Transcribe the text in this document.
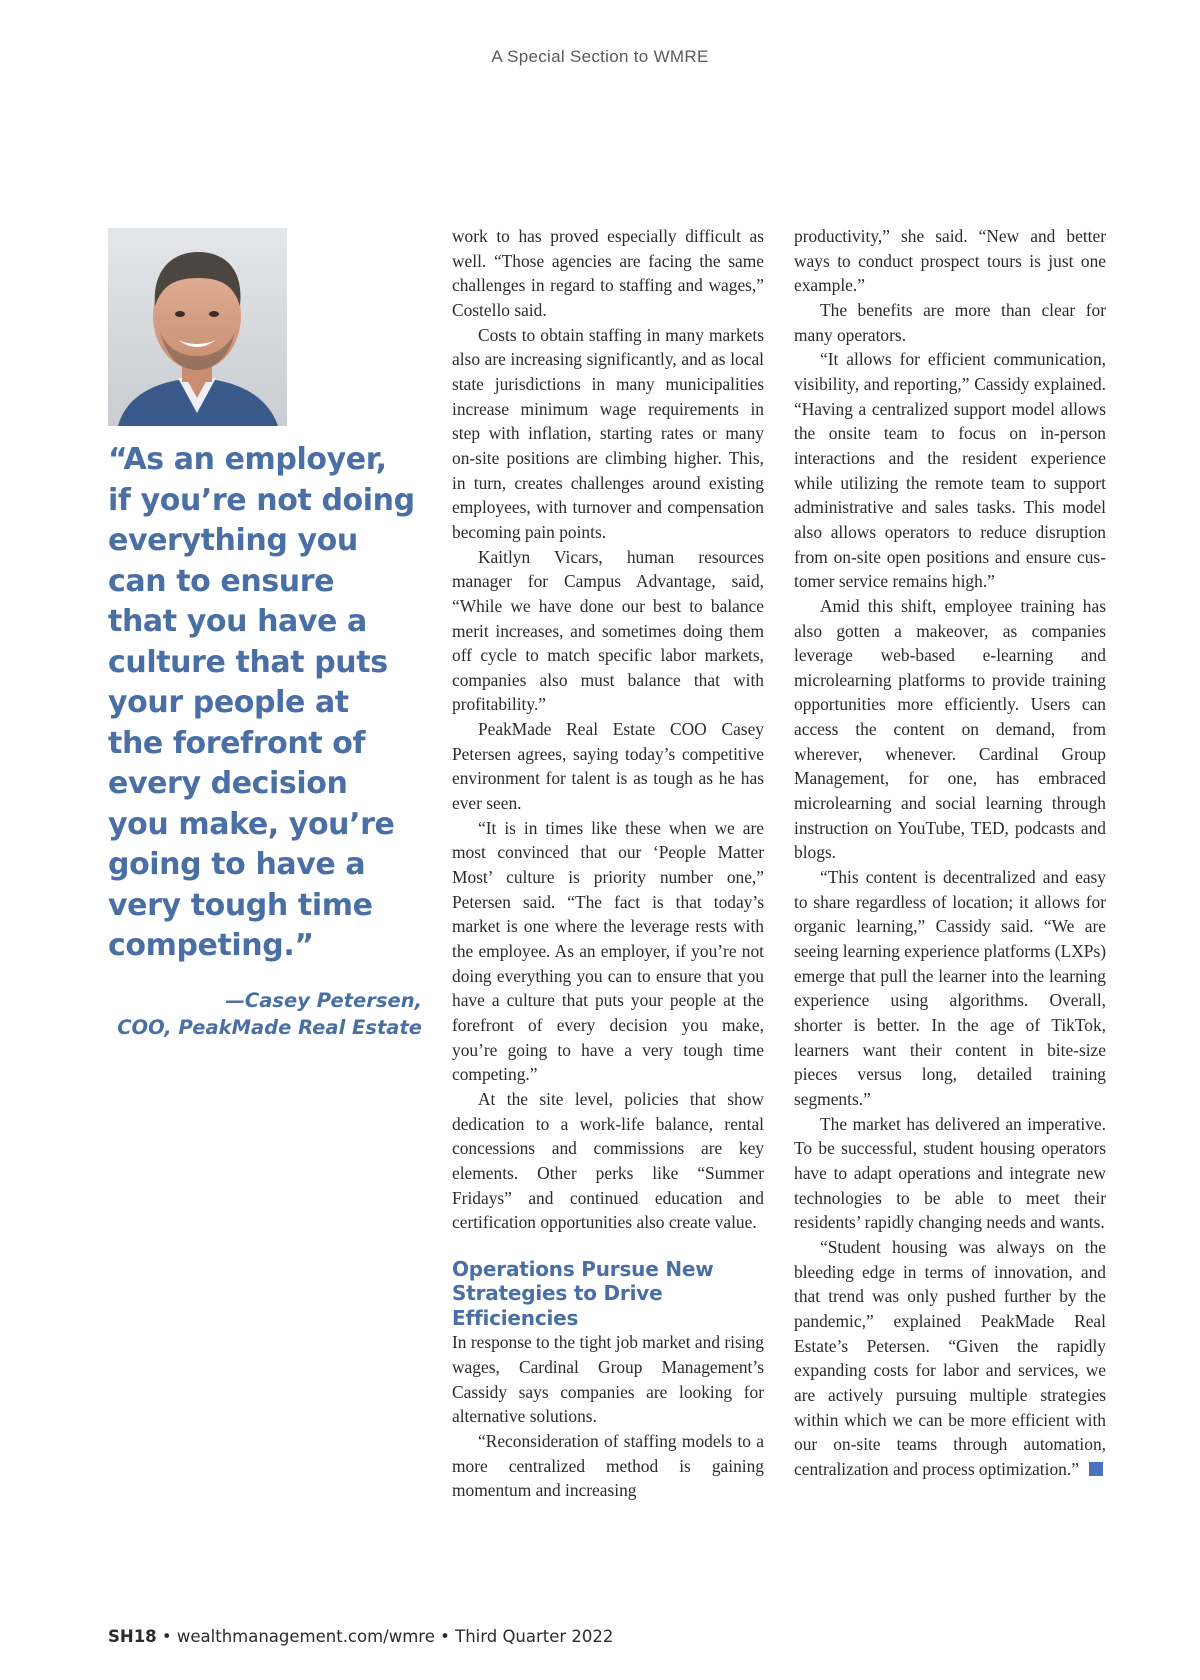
A Special Section to WMRE

“As an employer,

if you’re not doing

everything you

can to ensure

that you have a

culture that puts

your people at

the forefront of

every decision

you make, you’re

going to have a

very tough time

competing.”

—Casey Petersen,
COO, PeakMade Real Estate

work to has proved especially difficult as well. “Those agencies are facing the same challenges in regard to staffing and wages,” Costello said.

Costs to obtain staffing in many markets also are increasing significantly, and as local state jurisdictions in many municipalities increase minimum wage requirements in step with inflation, starting rates or many on-site positions are climbing higher. This, in turn, creates challenges around existing employees, with turnover and compensation becoming pain points.

Kaitlyn Vicars, human resources manager for Campus Advantage, said, “While we have done our best to balance merit increases, and sometimes doing them off cycle to match specific labor markets, companies also must balance that with profitability.”

PeakMade Real Estate COO Casey Petersen agrees, saying today’s competitive environment for talent is as tough as he has ever seen.

“It is in times like these when we are most convinced that our ‘People Matter Most’ culture is priority number one,” Petersen said. “The fact is that today’s market is one where the leverage rests with the employee. As an employer, if you’re not doing everything you can to ensure that you have a culture that puts your people at the forefront of every decision you make, you’re going to have a very tough time competing.”

At the site level, policies that show dedication to a work-life balance, rental concessions and commissions are key elements. Other perks like “Summer Fridays” and continued education and certification opportunities also create value.

Operations Pursue New Strategies to Drive Efficiencies

In response to the tight job market and rising wages, Cardinal Group Management’s Cassidy says companies are looking for alternative solutions.

“Reconsideration of staffing models to a more centralized method is gaining momentum and increasing

productivity,” she said. “New and better ways to conduct prospect tours is just one example.”

The benefits are more than clear for many operators.

“It allows for efficient communication, visibility, and reporting,” Cassidy explained. “Having a centralized support model allows the onsite team to focus on in-person interactions and the resident experience while utilizing the remote team to support administrative and sales tasks. This model also allows operators to reduce disruption from on-site open positions and ensure customer service remains high.”

Amid this shift, employee training has also gotten a makeover, as companies leverage web-based e-learning and microlearning platforms to provide training opportunities more efficiently. Users can access the content on demand, from wherever, whenever. Cardinal Group Management, for one, has embraced microlearning and social learning through instruction on YouTube, TED, podcasts and blogs.

“This content is decentralized and easy to share regardless of location; it allows for organic learning,” Cassidy said. “We are seeing learning experience platforms (LXPs) emerge that pull the learner into the learning experience using algorithms. Overall, shorter is better. In the age of TikTok, learners want their content in bite-size pieces versus long, detailed training segments.”

The market has delivered an imperative. To be successful, student housing operators have to adapt operations and integrate new technologies to be able to meet their residents’ rapidly changing needs and wants.

“Student housing was always on the bleeding edge in terms of innovation, and that trend was only pushed further by the pandemic,” explained PeakMade Real Estate’s Petersen. “Given the rapidly expanding costs for labor and services, we are actively pursuing multiple strategies within which we can be more efficient with our on-site teams through automation, centralization and process optimization.”

SH18 • wealthmanagement.com/wmre • Third Quarter 2022
